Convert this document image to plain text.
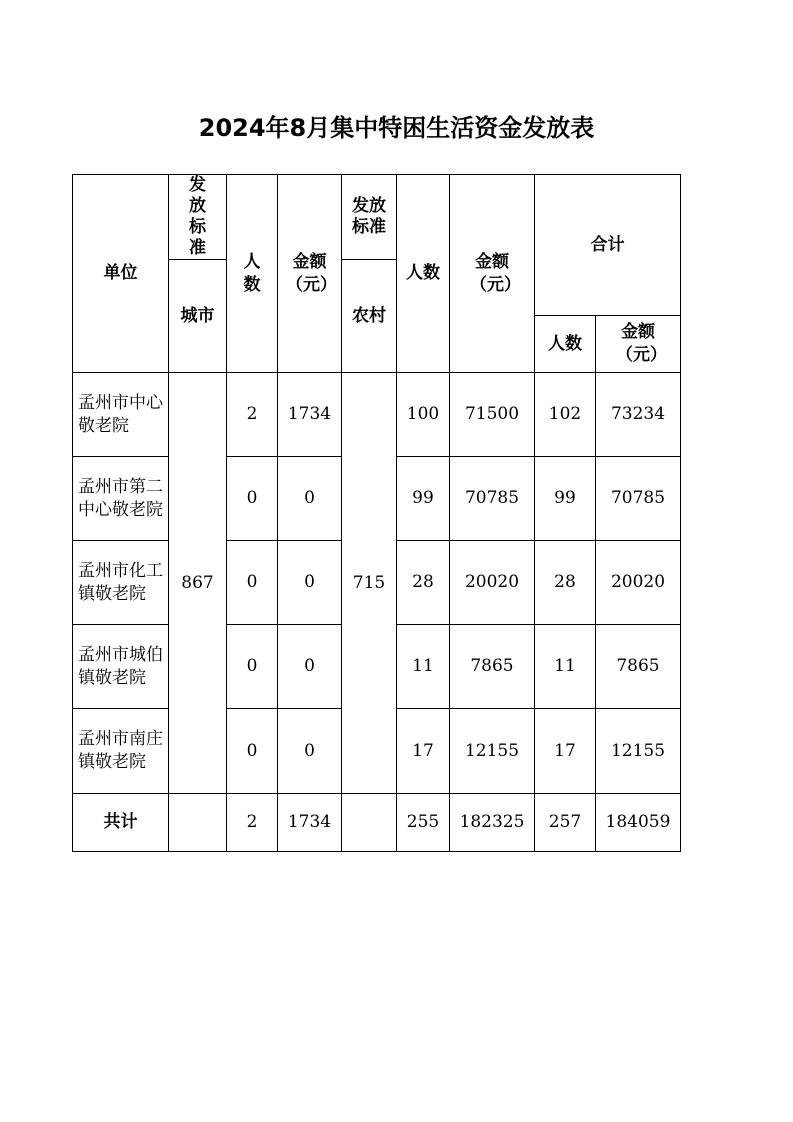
2024年8月集中特困生活资金发放表
单位	发放标准	人数	金额（元）	发放标准	人数	金额（元）	合计	
	城市			农村				
							人数	金额（元）
孟州市中心敬老院	867	2	1734	715	100	71500	102	73234
孟州市第二中心敬老院		0	0		99	70785	99	70785
孟州市化工镇敬老院		0	0		28	20020	28	20020
孟州市城伯镇敬老院		0	0		11	7865	11	7865
孟州市南庄镇敬老院		0	0		17	12155	17	12155
共计		2	1734		255	182325	257	184059
